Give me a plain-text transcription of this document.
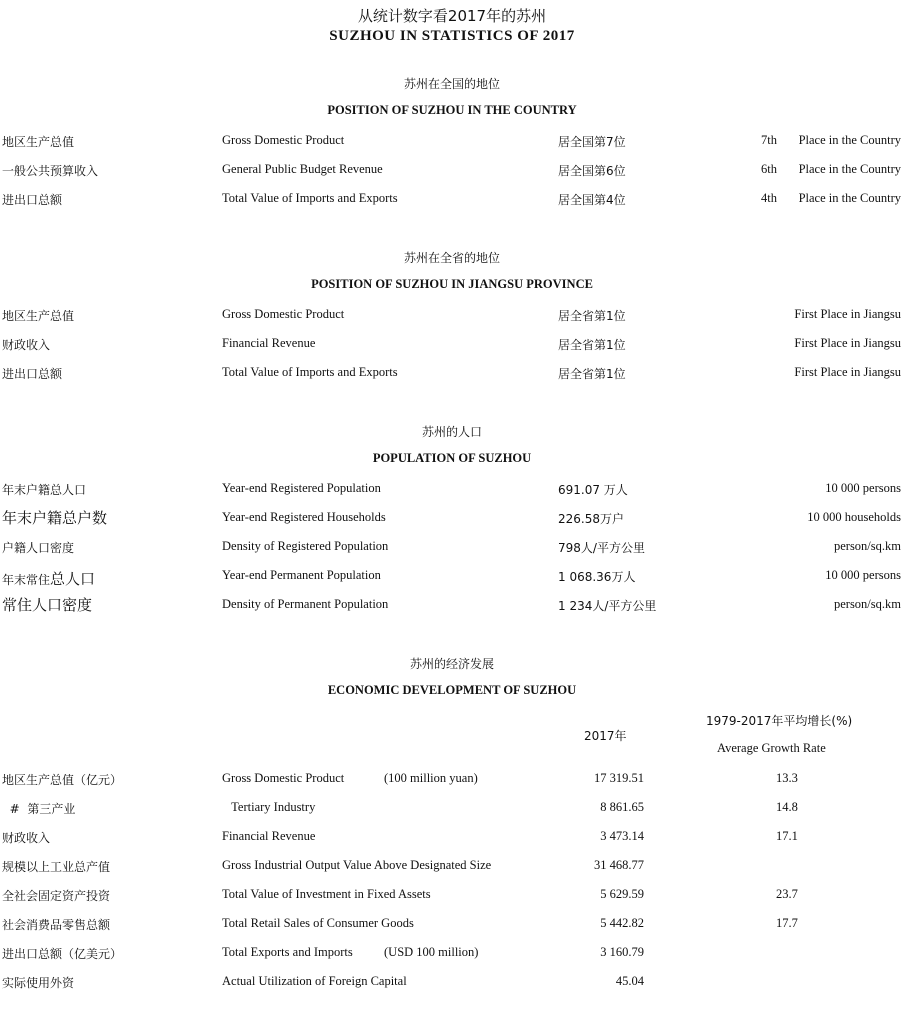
从统计数字看2017年的苏州
SUZHOU IN STATISTICS OF 2017
苏州在全国的地位
POSITION OF SUZHOU IN THE COUNTRY
地区生产总值	Gross Domestic Product	居全国第7位	7th Place in the Country
一般公共预算收入	General Public Budget Revenue	居全国第6位	6th Place in the Country
进出口总额	Total Value of Imports and Exports	居全国第4位	4th Place in the Country
苏州在全省的地位
POSITION OF SUZHOU IN JIANGSU PROVINCE
地区生产总值	Gross Domestic Product	居全省第1位	First Place in Jiangsu
财政收入	Financial Revenue	居全省第1位	First Place in Jiangsu
进出口总额	Total Value of Imports and Exports	居全省第1位	First Place in Jiangsu
苏州的人口
POPULATION OF SUZHOU
年末户籍总人口	Year-end Registered Population	691.07 万人	10 000 persons
年末户籍总户数	Year-end Registered Households	226.58万户	10 000 households
户籍人口密度	Density of Registered Population	798人/平方公里	person/sq.km
年末常住总人口	Year-end Permanent Population	1 068.36万人	10 000 persons
常住人口密度	Density of Permanent Population	1 234人/平方公里	person/sq.km
苏州的经济发展
ECONOMIC DEVELOPMENT OF SUZHOU
1979-2017年平均增长(%)
2017年
Average Growth Rate
地区生产总值（亿元）	Gross Domestic Product	(100 million yuan)	17 319.51	13.3
#  第三产业	Tertiary Industry	8 861.65	14.8
财政收入	Financial Revenue	3 473.14	17.1
规模以上工业总产值	Gross Industrial Output Value Above Designated Size	31 468.77
全社会固定资产投资	Total Value of Investment in Fixed Assets	5 629.59	23.7
社会消费品零售总额	Total Retail Sales of Consumer Goods	5 442.82	17.7
进出口总额（亿美元）	Total Exports and Imports	(USD 100 million)	3 160.79
实际使用外资	Actual Utilization of Foreign Capital	45.04
